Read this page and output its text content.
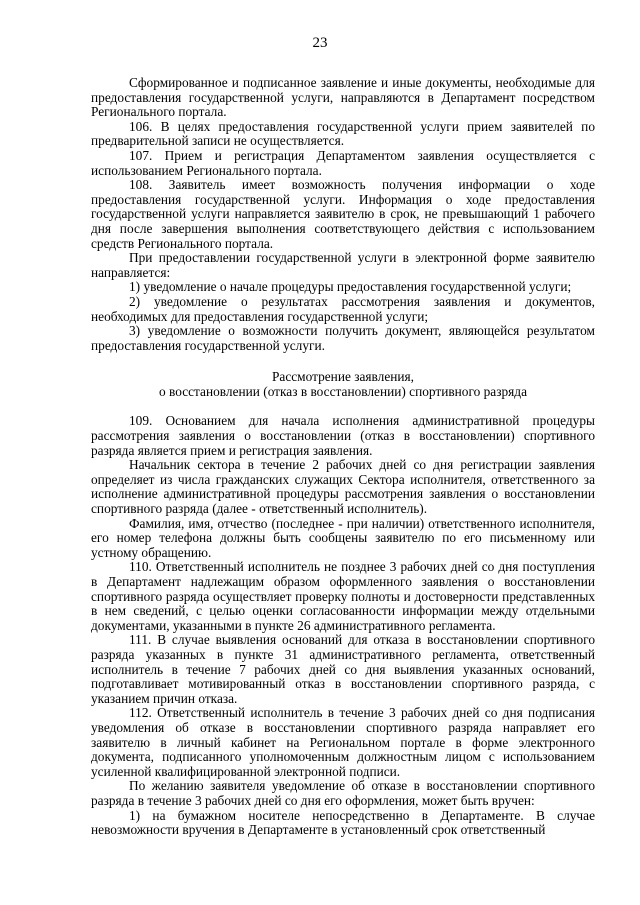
23

Сформированное и подписанное заявление и иные документы, необходимые для предоставления государственной услуги, направляются в Департамент посредством Регионального портала.

106. В целях предоставления государственной услуги прием заявителей по предварительной записи не осуществляется.

107. Прием и регистрация Департаментом заявления осуществляется с использованием Регионального портала.

108. Заявитель имеет возможность получения информации о ходе предоставления государственной услуги. Информация о ходе предоставления государственной услуги направляется заявителю в срок, не превышающий 1 рабочего дня после завершения выполнения соответствующего действия с использованием средств Регионального портала.

При предоставлении государственной услуги в электронной форме заявителю направляется:

1) уведомление о начале процедуры предоставления государственной услуги;

2) уведомление о результатах рассмотрения заявления и документов, необходимых для предоставления государственной услуги;

3) уведомление о возможности получить документ, являющейся результатом предоставления государственной услуги.

Рассмотрение заявления,
о восстановлении (отказ в восстановлении) спортивного разряда

109. Основанием для начала исполнения административной процедуры рассмотрения заявления о восстановлении (отказ в восстановлении) спортивного разряда является прием и регистрация заявления.

Начальник сектора в течение 2 рабочих дней со дня регистрации заявления определяет из числа гражданских служащих Сектора исполнителя, ответственного за исполнение административной процедуры рассмотрения заявления о восстановлении спортивного разряда (далее - ответственный исполнитель).

Фамилия, имя, отчество (последнее - при наличии) ответственного исполнителя, его номер телефона должны быть сообщены заявителю по его письменному или устному обращению.

110. Ответственный исполнитель не позднее 3 рабочих дней со дня поступления в Департамент надлежащим образом оформленного заявления о восстановлении спортивного разряда осуществляет проверку полноты и достоверности представленных в нем сведений, с целью оценки согласованности информации между отдельными документами, указанными в пункте 26 административного регламента.

111. В случае выявления оснований для отказа в восстановлении спортивного разряда указанных в пункте 31 административного регламента, ответственный исполнитель в течение 7 рабочих дней со дня выявления указанных оснований, подготавливает мотивированный отказ в восстановлении спортивного разряда, с указанием причин отказа.

112. Ответственный исполнитель в течение 3 рабочих дней со дня подписания уведомления об отказе в восстановлении спортивного разряда направляет его заявителю в личный кабинет на Региональном портале в форме электронного документа, подписанного уполномоченным должностным лицом с использованием усиленной квалифицированной электронной подписи.

По желанию заявителя уведомление об отказе в восстановлении спортивного разряда в течение 3 рабочих дней со дня его оформления, может быть вручен:

1) на бумажном носителе непосредственно в Департаменте. В случае невозможности вручения в Департаменте в установленный срок ответственный
